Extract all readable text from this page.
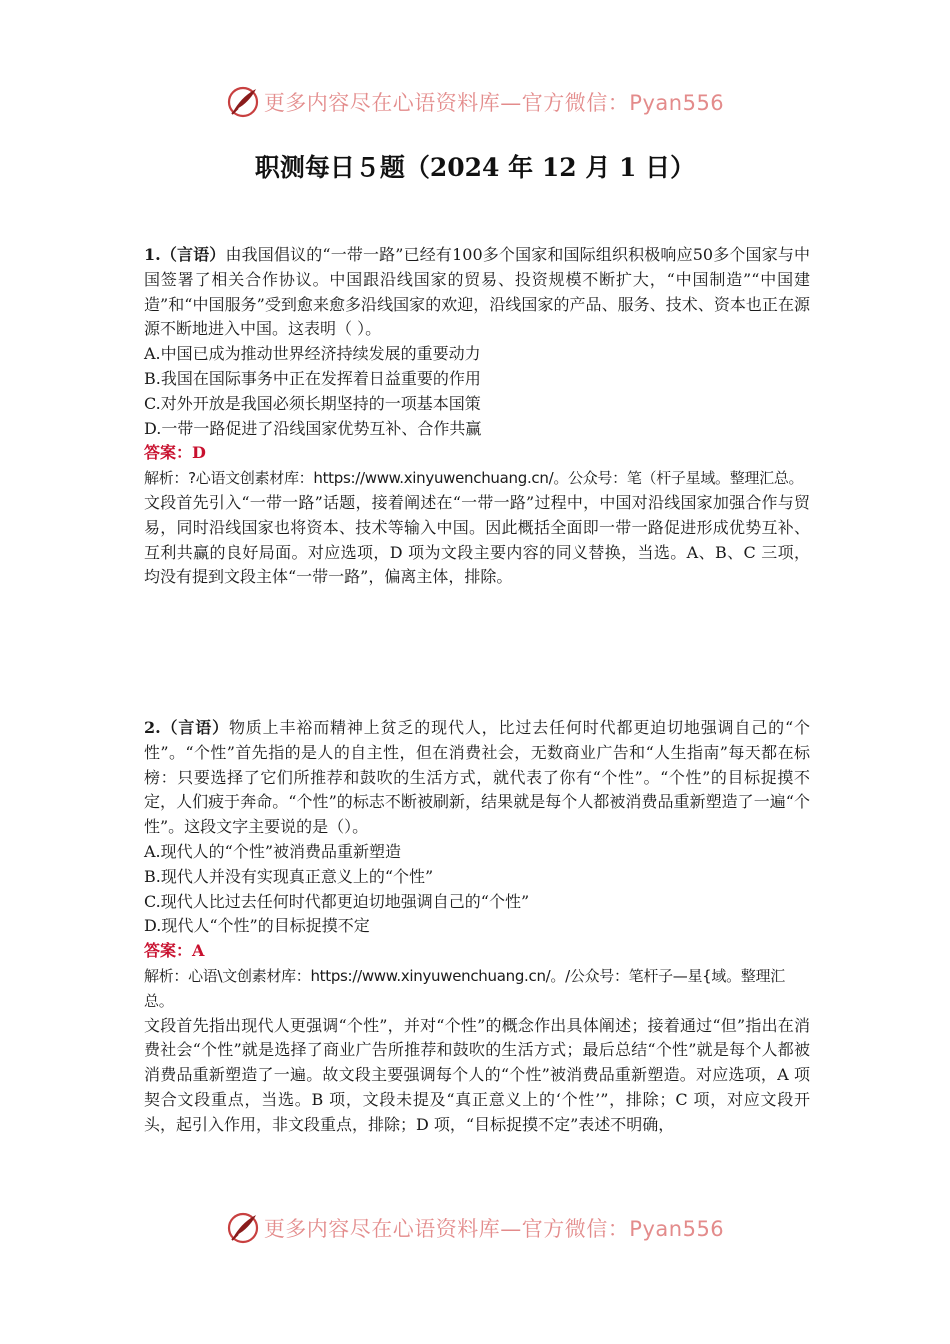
更多内容尽在心语资料库—官方微信：Pyan556
职测每日５题（2024 年 12 月 1 日）
1.（言语）由我国倡议的“一带一路”已经有100多个国家和国际组织积极响应50多个国家与中国签署了相关合作协议。中国跟沿线国家的贸易、投资规模不断扩大，“中国制造”“中国建造”和“中国服务”受到愈来愈多沿线国家的欢迎，沿线国家的产品、服务、技术、资本也正在源源不断地进入中国。这表明（ ）。
A.中国已成为推动世界经济持续发展的重要动力
B.我国在国际事务中正在发挥着日益重要的作用
C.对外开放是我国必须长期坚持的一项基本国策
D.一带一路促进了沿线国家优势互补、合作共赢
答案：D
解析：?心语文创素材库：https://www.xinyuwenchuang.cn/。公众号：笔（杆子星域。整理汇总。
文段首先引入“一带一路”话题，接着阐述在“一带一路”过程中，中国对沿线国家加强合作与贸易，同时沿线国家也将资本、技术等输入中国。因此概括全面即一带一路促进形成优势互补、互利共赢的良好局面。对应选项，D 项为文段主要内容的同义替换，当选。A、B、C 三项，均没有提到文段主体“一带一路”，偏离主体，排除。
2.（言语）物质上丰裕而精神上贫乏的现代人，比过去任何时代都更迫切地强调自己的“个性”。“个性”首先指的是人的自主性，但在消费社会，无数商业广告和“人生指南”每天都在标榜：只要选择了它们所推荐和鼓吹的生活方式，就代表了你有“个性”。“个性”的目标捉摸不定，人们疲于奔命。“个性”的标志不断被刷新，结果就是每个人都被消费品重新塑造了一遍“个性”。这段文字主要说的是（）。
A.现代人的“个性”被消费品重新塑造
B.现代人并没有实现真正意义上的“个性”
C.现代人比过去任何时代都更迫切地强调自己的“个性”
D.现代人“个性”的目标捉摸不定
答案：A
解析：心语\文创素材库：https://www.xinyuwenchuang.cn/。/公众号：笔杆子—星{域。整理汇总。
文段首先指出现代人更强调“个性”，并对“个性”的概念作出具体阐述；接着通过“但”指出在消费社会“个性”就是选择了商业广告所推荐和鼓吹的生活方式；最后总结“个性”就是每个人都被消费品重新塑造了一遍。故文段主要强调每个人的“个性”被消费品重新塑造。对应选项，A 项契合文段重点，当选。B 项，文段未提及“真正意义上的‘个性’”，排除；C 项，对应文段开头，起引入作用，非文段重点，排除；D 项，“目标捉摸不定”表述不明确，
更多内容尽在心语资料库—官方微信：Pyan556
